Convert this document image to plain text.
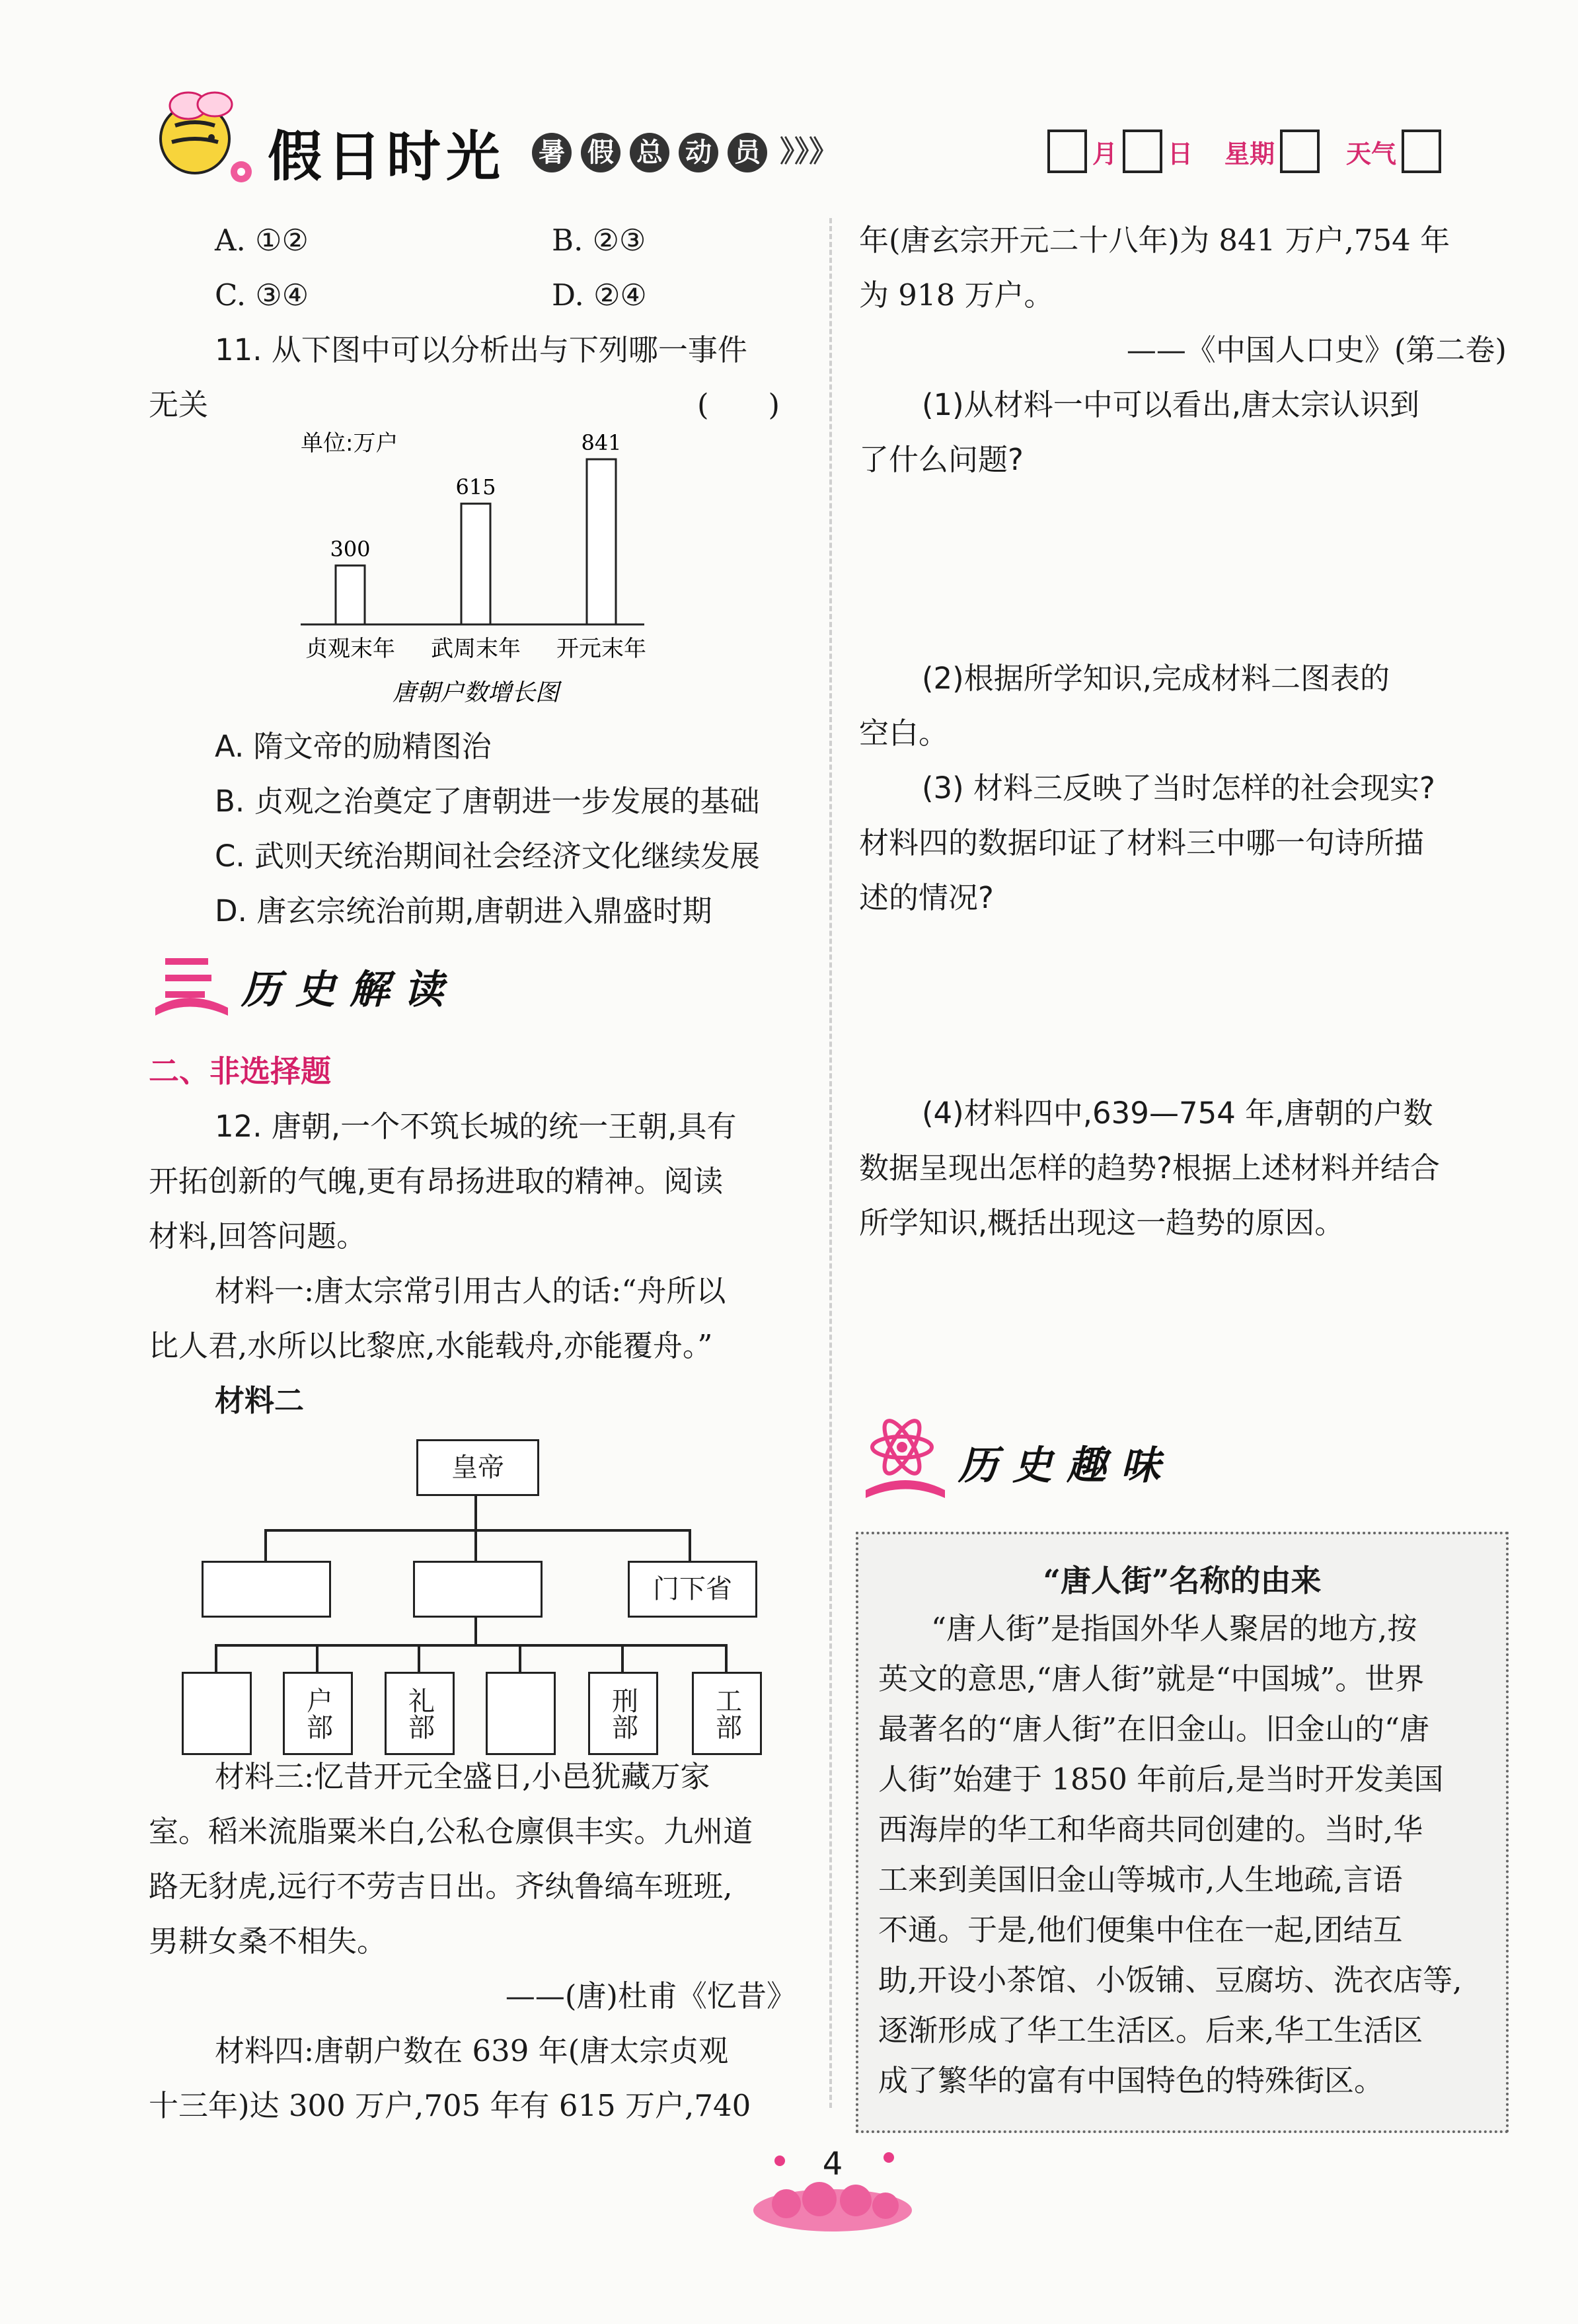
假日时光 暑 假 总 动 员 》》》	月 日 星期	天气
A. ①②	B. ②③
C. ③④	D. ②④
11. 从下图中可以分析出与下列哪一事件
无关	(　　)
单位:万户
300
贞观末年
615
武周末年
841
开元末年
唐朝户数增长图
A. 隋文帝的励精图治
B. 贞观之治奠定了唐朝进一步发展的基础
C. 武则天统治期间社会经济文化继续发展
D. 唐玄宗统治前期,唐朝进入鼎盛时期
历史解读
二、非选择题
12. 唐朝,一个不筑长城的统一王朝,具有
开拓创新的气魄,更有昂扬进取的精神。阅读
材料,回答问题。
材料一:唐太宗常引用古人的话:“舟所以
比人君,水所以比黎庶,水能载舟,亦能覆舟。”
材料二
皇帝
门下省
户部	礼部	刑部	工部
材料三:忆昔开元全盛日,小邑犹藏万家
室。稻米流脂粟米白,公私仓廪俱丰实。九州道
路无豺虎,远行不劳吉日出。齐纨鲁缟车班班,
男耕女桑不相失。
——(唐)杜甫《忆昔》
材料四:唐朝户数在 639 年(唐太宗贞观
十三年)达 300 万户,705 年有 615 万户,740
年(唐玄宗开元二十八年)为 841 万户,754 年
为 918 万户。
——《中国人口史》(第二卷)
(1)从材料一中可以看出,唐太宗认识到
了什么问题?
(2)根据所学知识,完成材料二图表的
空白。
(3) 材料三反映了当时怎样的社会现实?
材料四的数据印证了材料三中哪一句诗所描
述的情况?
(4)材料四中,639—754 年,唐朝的户数
数据呈现出怎样的趋势?根据上述材料并结合
所学知识,概括出现这一趋势的原因。
历史趣味
“唐人街”名称的由来
“唐人街”是指国外华人聚居的地方,按
英文的意思,“唐人街”就是“中国城”。世界
最著名的“唐人街”在旧金山。旧金山的“唐
人街”始建于 1850 年前后,是当时开发美国
西海岸的华工和华商共同创建的。当时,华
工来到美国旧金山等城市,人生地疏,言语
不通。于是,他们便集中住在一起,团结互
助,开设小茶馆、小饭铺、豆腐坊、洗衣店等,
逐渐形成了华工生活区。后来,华工生活区
成了繁华的富有中国特色的特殊街区。
4
